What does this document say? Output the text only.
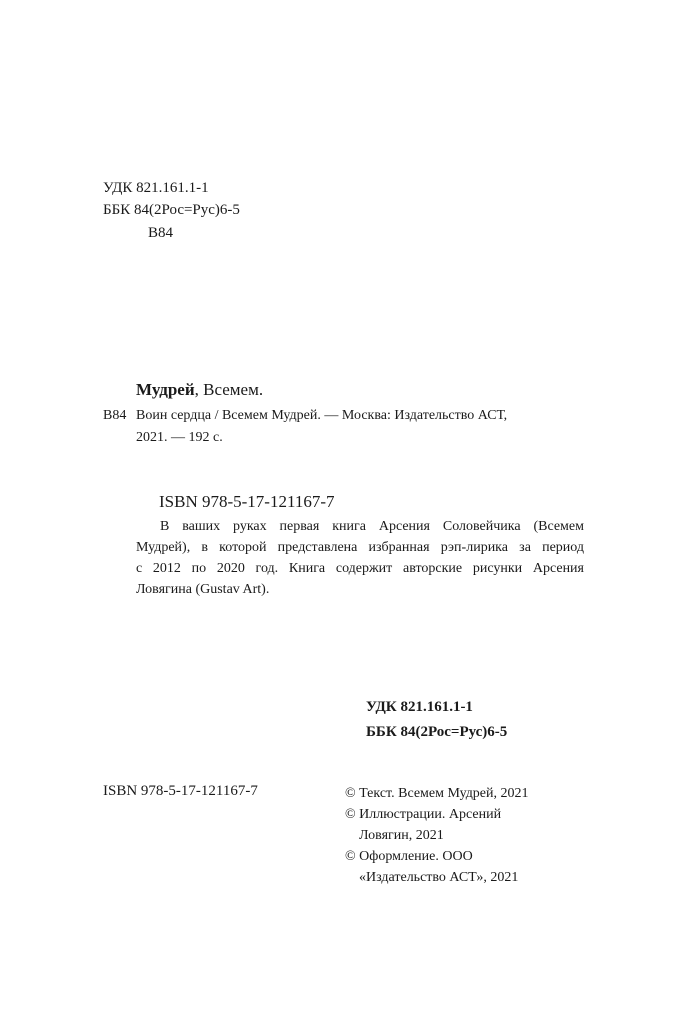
УДК 821.161.1-1
ББК 84(2Рос=Рус)6-5
В84
Мудрей, Всемем.
В84 Воин сердца / Всемем Мудрей. — Москва: Издательство АСТ,
2021. — 192 с.
ISBN 978-5-17-121167-7
В ваших руках первая книга Арсения Соловейчика (Всемем
Мудрей), в которой представлена избранная рэп-лирика за период
с 2012 по 2020 год. Книга содержит авторские рисунки Арсения
Ловягина (Gustav Art).
УДК 821.161.1-1
ББК 84(2Рос=Рус)6-5
ISBN 978-5-17-121167-7	© Текст. Всемем Мудрей, 2021
© Иллюстрации. Арсений
Ловягин, 2021
© Оформление. ООО
«Издательство АСТ», 2021
